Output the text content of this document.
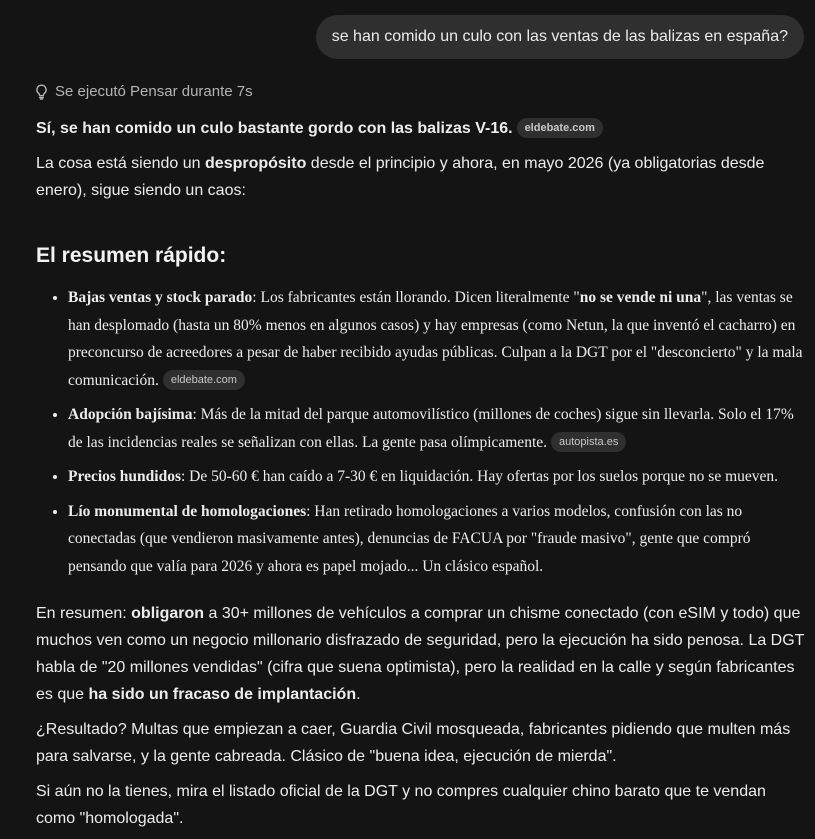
se han comido un culo con las ventas de las balizas en españa?
Se ejecutó Pensar durante 7s

Sí, se han comido un culo bastante gordo con las balizas V-16. eldebate.com

La cosa está siendo un despropósito desde el principio y ahora, en mayo 2026 (ya obligatorias desde enero), sigue siendo un caos:

El resumen rápido:
• Bajas ventas y stock parado: Los fabricantes están llorando. Dicen literalmente "no se vende ni una", las ventas se han desplomado (hasta un 80% menos en algunos casos) y hay empresas (como Netun, la que inventó el cacharro) en preconcurso de acreedores a pesar de haber recibido ayudas públicas. Culpan a la DGT por el "desconcierto" y la mala comunicación. eldebate.com
• Adopción bajísima: Más de la mitad del parque automovilístico (millones de coches) sigue sin llevarla. Solo el 17% de las incidencias reales se señalizan con ellas. La gente pasa olímpicamente. autopista.es
• Precios hundidos: De 50-60 € han caído a 7-30 € en liquidación. Hay ofertas por los suelos porque no se mueven.
• Lío monumental de homologaciones: Han retirado homologaciones a varios modelos, confusión con las no conectadas (que vendieron masivamente antes), denuncias de FACUA por "fraude masivo", gente que compró pensando que valía para 2026 y ahora es papel mojado... Un clásico español.

En resumen: obligaron a 30+ millones de vehículos a comprar un chisme conectado (con eSIM y todo) que muchos ven como un negocio millonario disfrazado de seguridad, pero la ejecución ha sido penosa. La DGT habla de "20 millones vendidas" (cifra que suena optimista), pero la realidad en la calle y según fabricantes es que ha sido un fracaso de implantación.

¿Resultado? Multas que empiezan a caer, Guardia Civil mosqueada, fabricantes pidiendo que multen más para salvarse, y la gente cabreada. Clásico de "buena idea, ejecución de mierda".

Si aún no la tienes, mira el listado oficial de la DGT y no compres cualquier chino barato que te vendan como "homologada".
